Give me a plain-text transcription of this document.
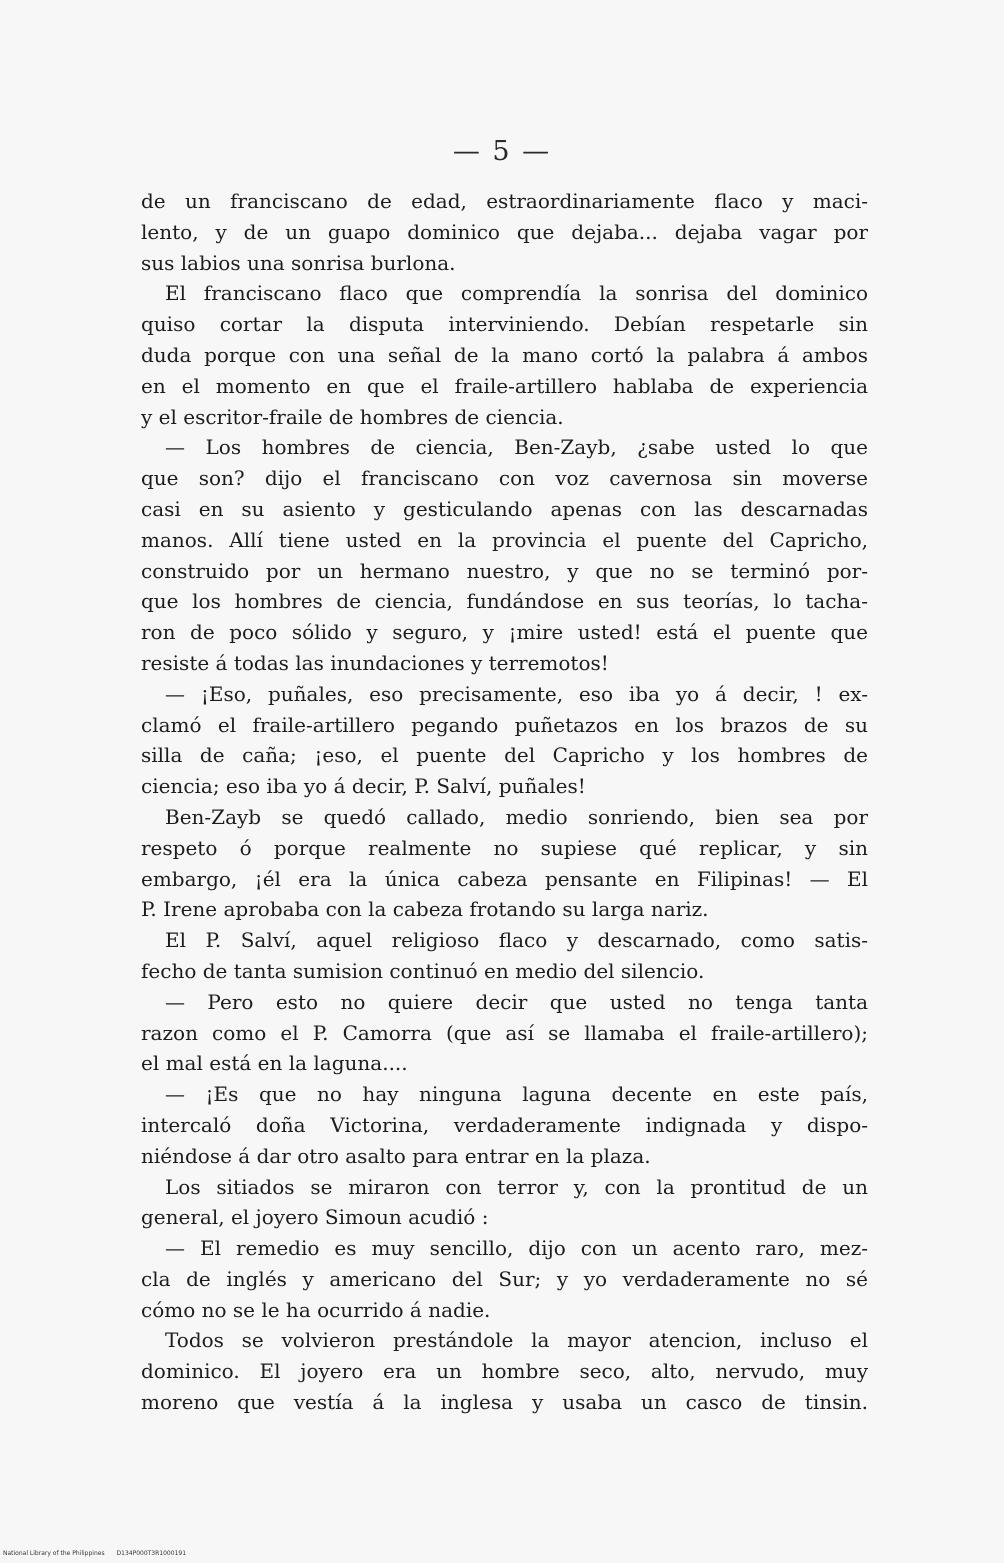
— 5 —
de un franciscano de edad, estraordinariamente flaco y maci-
lento, y de un guapo dominico que dejaba... dejaba vagar por
sus labios una sonrisa burlona.
El franciscano flaco que comprendía la sonrisa del dominico
quiso cortar la disputa interviniendo. Debían respetarle sin
duda porque con una señal de la mano cortó la palabra á ambos
en el momento en que el fraile-artillero hablaba de experiencia
y el escritor-fraile de hombres de ciencia.
— Los hombres de ciencia, Ben-Zayb, ¿sabe usted lo que
que son? dijo el franciscano con voz cavernosa sin moverse
casi en su asiento y gesticulando apenas con las descarnadas
manos. Allí tiene usted en la provincia el puente del Capricho,
construido por un hermano nuestro, y que no se terminó por-
que los hombres de ciencia, fundándose en sus teorías, lo tacha-
ron de poco sólido y seguro, y ¡mire usted! está el puente que
resiste á todas las inundaciones y terremotos!
— ¡Eso, puñales, eso precisamente, eso iba yo á decir, ! ex-
clamó el fraile-artillero pegando puñetazos en los brazos de su
silla de caña; ¡eso, el puente del Capricho y los hombres de
ciencia; eso iba yo á decir, P. Salví, puñales!
Ben-Zayb se quedó callado, medio sonriendo, bien sea por
respeto ó porque realmente no supiese qué replicar, y sin
embargo, ¡él era la única cabeza pensante en Filipinas! — El
P. Irene aprobaba con la cabeza frotando su larga nariz.
El P. Salví, aquel religioso flaco y descarnado, como satis-
fecho de tanta sumision continuó en medio del silencio.
— Pero esto no quiere decir que usted no tenga tanta
razon como el P. Camorra (que así se llamaba el fraile-artillero);
el mal está en la laguna....
— ¡Es que no hay ninguna laguna decente en este país,
intercaló doña Victorina, verdaderamente indignada y dispo-
niéndose á dar otro asalto para entrar en la plaza.
Los sitiados se miraron con terror y, con la prontitud de un
general, el joyero Simoun acudió :
— El remedio es muy sencillo, dijo con un acento raro, mez-
cla de inglés y americano del Sur; y yo verdaderamente no sé
cómo no se le ha ocurrido á nadie.
Todos se volvieron prestándole la mayor atencion, incluso el
dominico. El joyero era un hombre seco, alto, nervudo, muy
moreno que vestía á la inglesa y usaba un casco de tinsin.
National Library of the Philippines D134P000T3R1000191
